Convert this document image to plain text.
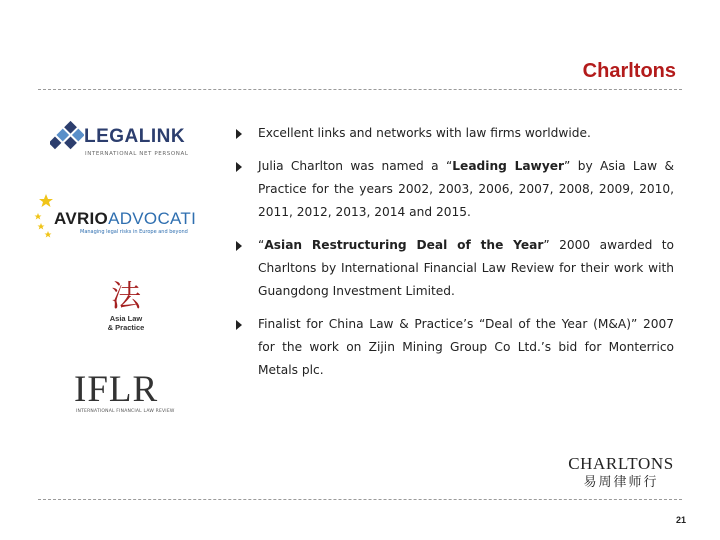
Charltons
LEGALINK
INTERNATIONAL NET PERSONAL
AVRIOADVOCATI
Managing legal risks in Europe and beyond
法
Asia Law
& Practice
IFLR
INTERNATIONAL FINANCIAL LAW REVIEW
Excellent links and networks with law firms worldwide.
Julia Charlton was named a “Leading Lawyer” by Asia Law & Practice for the years 2002, 2003, 2006, 2007, 2008, 2009, 2010, 2011, 2012, 2013, 2014 and 2015.
“Asian Restructuring Deal of the Year” 2000 awarded to Charltons by International Financial Law Review for their work with Guangdong Investment Limited.
Finalist for China Law & Practice’s “Deal of the Year (M&A)” 2007 for the work on Zijin Mining Group Co Ltd.’s bid for Monterrico Metals plc.
CHARLTONS
易周律师行
21
